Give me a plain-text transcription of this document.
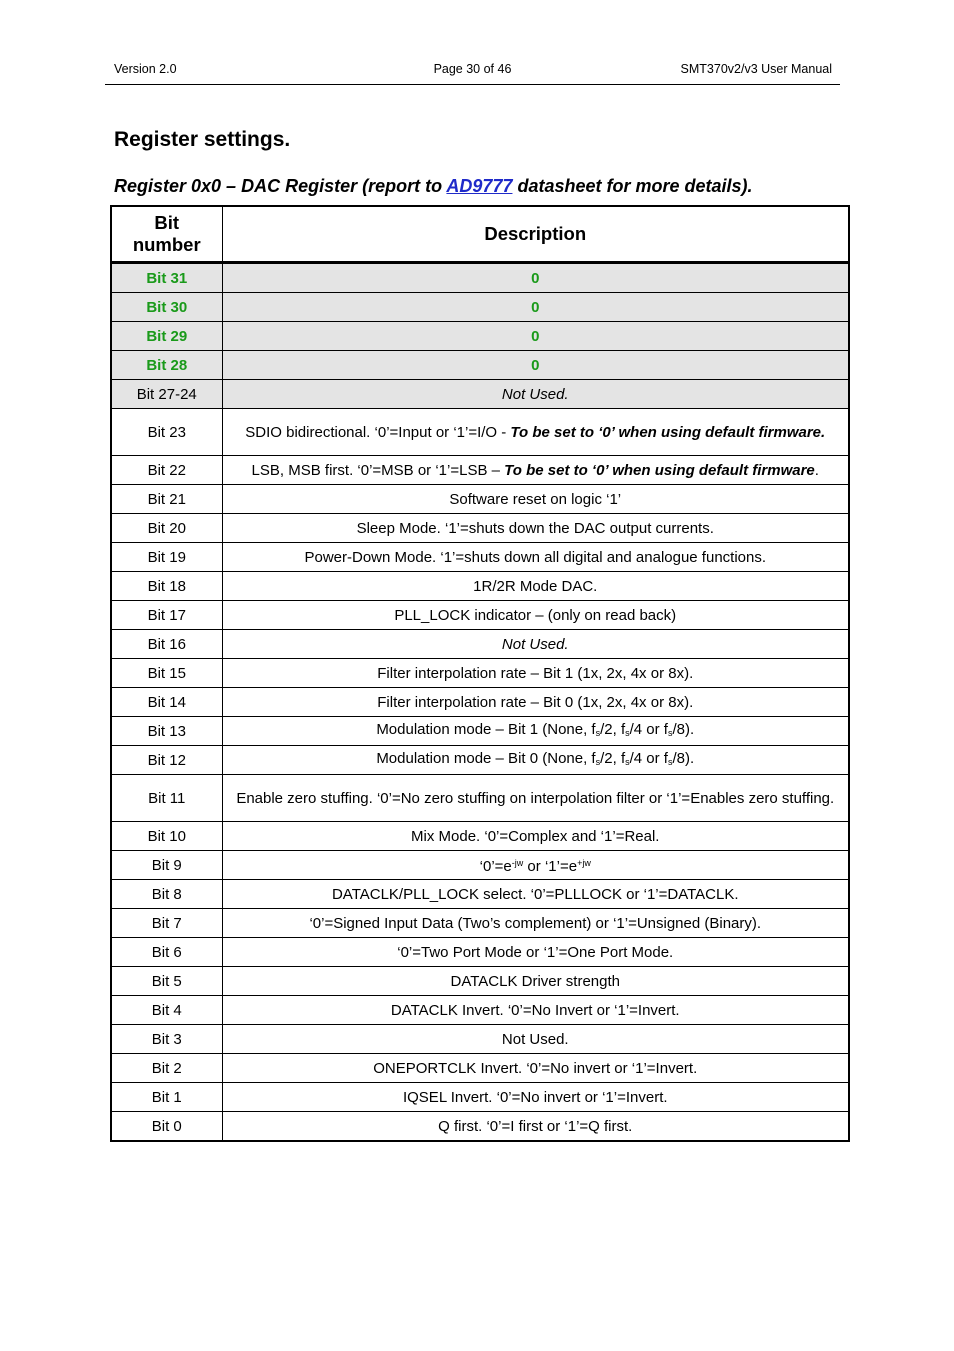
Version 2.0	Page 30 of 46	SMT370v2/v3 User Manual
Register settings.

Register 0x0 – DAC Register (report to AD9777 datasheet for more details).

Bit number	Description
Bit 31	0
Bit 30	0
Bit 29	0
Bit 28	0
Bit 27-24	Not Used.
Bit 23	SDIO bidirectional. ‘0’=Input or ‘1’=I/O - To be set to ‘0’ when using default firmware.
Bit 22	LSB, MSB first. ‘0’=MSB or ‘1’=LSB – To be set to ‘0’ when using default firmware.
Bit 21	Software reset on logic ‘1’
Bit 20	Sleep Mode. ‘1’=shuts down the DAC output currents.
Bit 19	Power-Down Mode. ‘1’=shuts down all digital and analogue functions.
Bit 18	1R/2R Mode DAC.
Bit 17	PLL_LOCK indicator – (only on read back)
Bit 16	Not Used.
Bit 15	Filter interpolation rate – Bit 1 (1x, 2x, 4x or 8x).
Bit 14	Filter interpolation rate – Bit 0 (1x, 2x, 4x or 8x).
Bit 13	Modulation mode – Bit 1 (None, $f_s/2$, $f_s/4$ or $f_s/8$).
Bit 12	Modulation mode – Bit 0 (None, $f_s/2$, $f_s/4$ or $f_s/8$).
Bit 11	Enable zero stuffing. ‘0’=No zero stuffing on interpolation filter or ‘1’=Enables zero stuffing.
Bit 10	Mix Mode. ‘0’=Complex and ‘1’=Real.
Bit 9	‘$0’=e^{-jw}$ or ‘$1’=e^{+jw}$
Bit 8	DATACLK/PLL_LOCK select. ‘0’=PLLLOCK or ‘1’=DATACLK.
Bit 7	‘0’=Signed Input Data (Two’s complement) or ‘1’=Unsigned (Binary).
Bit 6	‘0’=Two Port Mode or ‘1’=One Port Mode.
Bit 5	DATACLK Driver strength
Bit 4	DATACLK Invert. ‘0’=No Invert or ‘1’=Invert.
Bit 3	Not Used.
Bit 2	ONEPORTCLK Invert. ‘0’=No invert or ‘1’=Invert.
Bit 1	IQSEL Invert. ‘0’=No invert or ‘1’=Invert.
Bit 0	Q first. ‘0’=I first or ‘1’=Q first.
